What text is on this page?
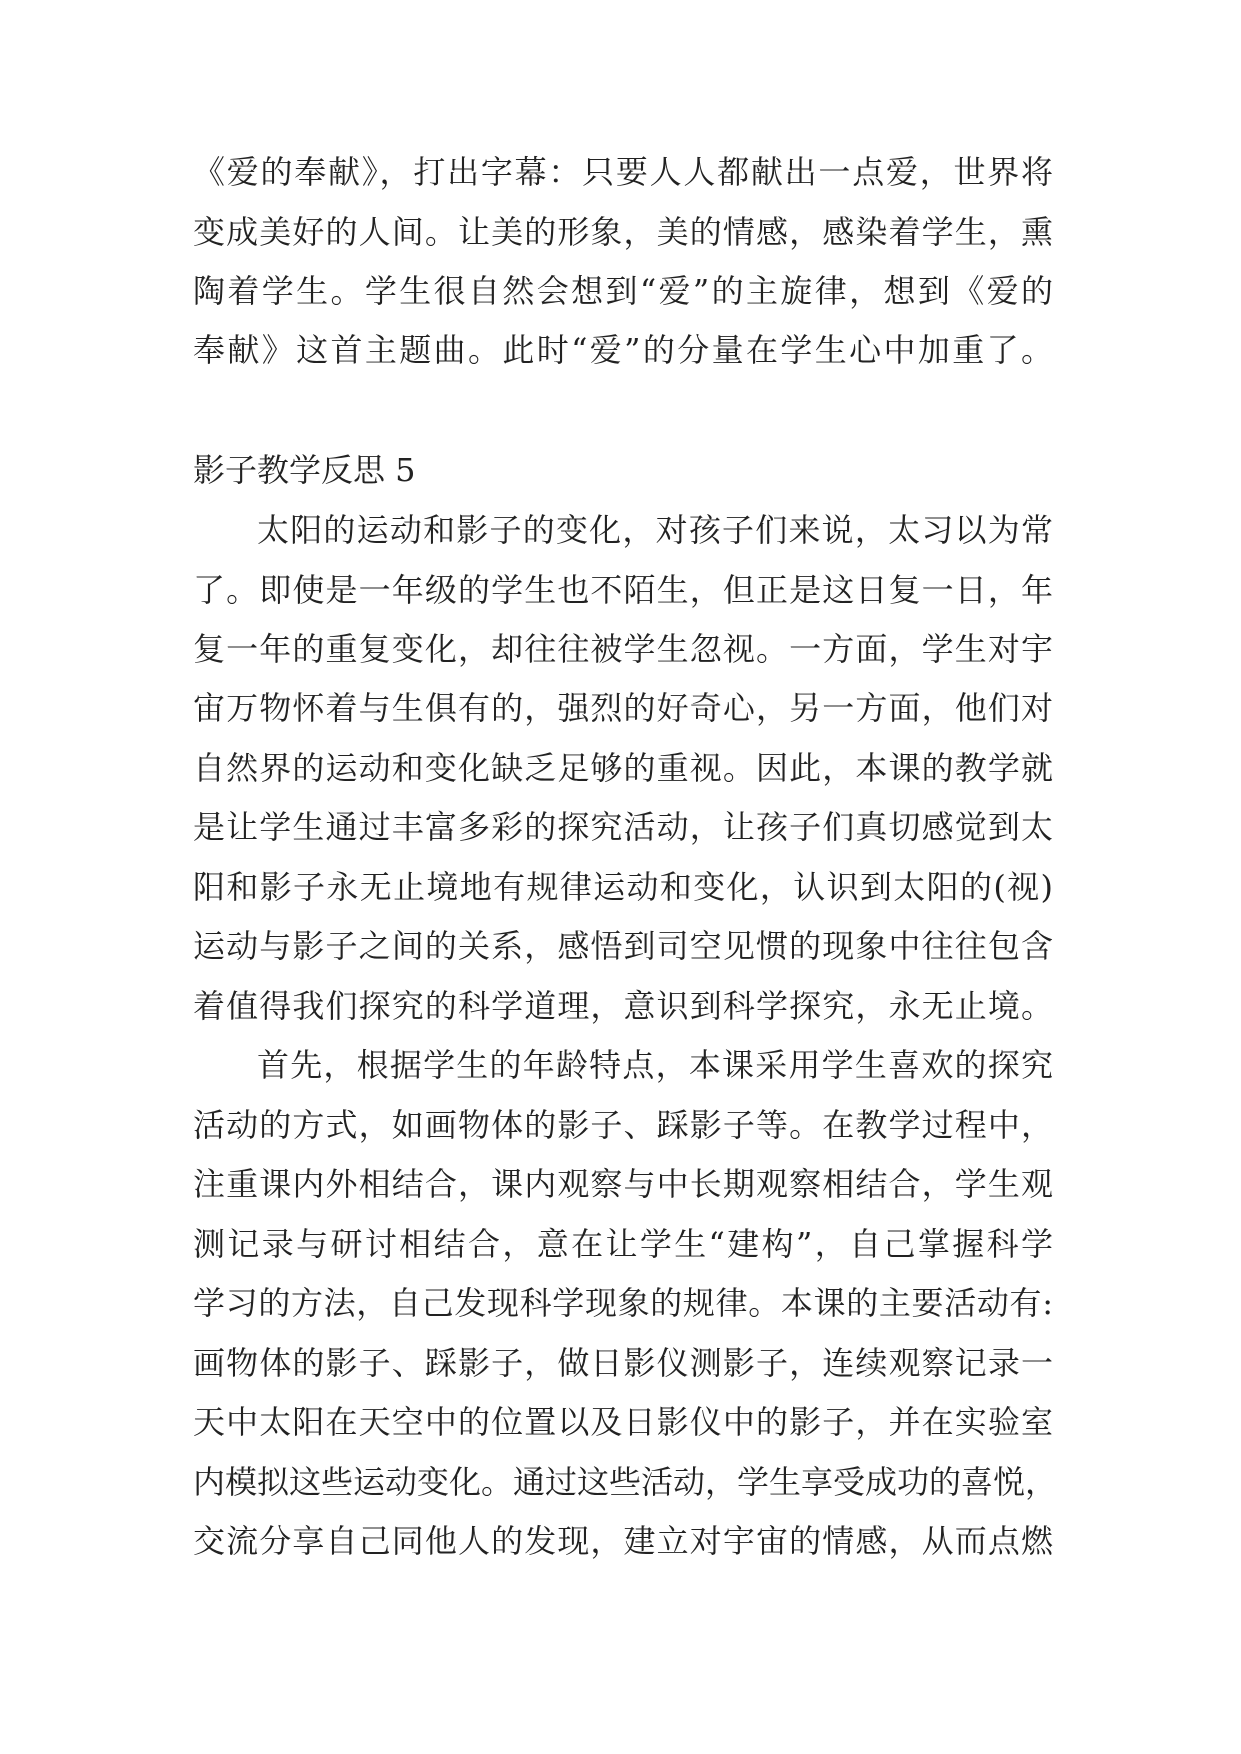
《爱的奉献》，打出字幕：只要人人都献出一点爱，世界将
变成美好的人间。让美的形象，美的情感，感染着学生，熏
陶着学生。学生很自然会想到“爱”的主旋律，想到《爱的
奉献》这首主题曲。此时“爱”的分量在学生心中加重了。
影子教学反思 5
太阳的运动和影子的变化，对孩子们来说，太习以为常
了。即使是一年级的学生也不陌生，但正是这日复一日，年
复一年的重复变化，却往往被学生忽视。一方面，学生对宇
宙万物怀着与生俱有的，强烈的好奇心，另一方面，他们对
自然界的运动和变化缺乏足够的重视。因此，本课的教学就
是让学生通过丰富多彩的探究活动，让孩子们真切感觉到太
阳和影子永无止境地有规律运动和变化，认识到太阳的(视)
运动与影子之间的关系，感悟到司空见惯的现象中往往包含
着值得我们探究的科学道理，意识到科学探究，永无止境。
首先，根据学生的年龄特点，本课采用学生喜欢的探究
活动的方式，如画物体的影子、踩影子等。在教学过程中，
注重课内外相结合，课内观察与中长期观察相结合，学生观
测记录与研讨相结合，意在让学生“建构”，自己掌握科学
学习的方法，自己发现科学现象的规律。本课的主要活动有:
画物体的影子、踩影子，做日影仪测影子，连续观察记录一
天中太阳在天空中的位置以及日影仪中的影子，并在实验室
内模拟这些运动变化。通过这些活动，学生享受成功的喜悦，
交流分享自己同他人的发现，建立对宇宙的情感，从而点燃
